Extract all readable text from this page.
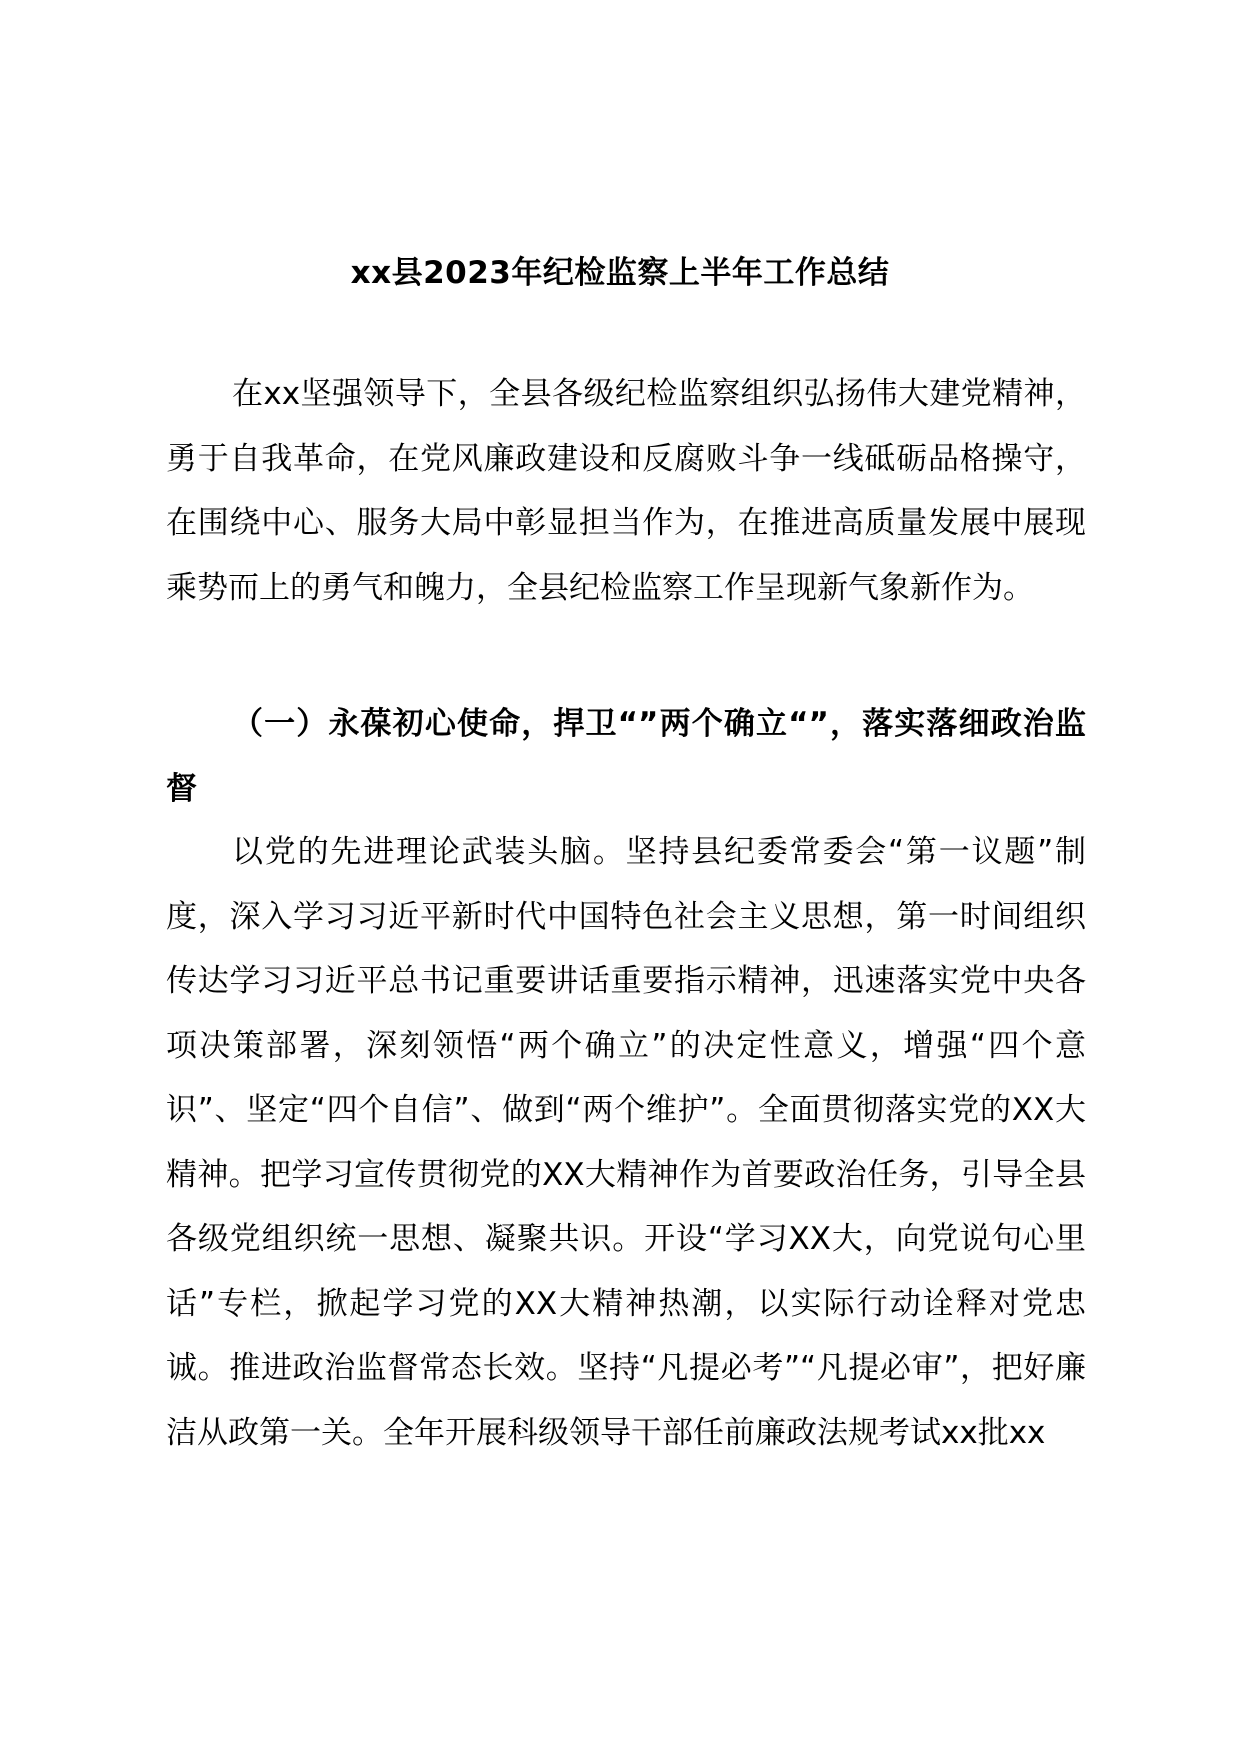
xx县2023年纪检监察上半年工作总结
在xx坚强领导下，全县各级纪检监察组织弘扬伟大建党精神，勇于自我革命，在党风廉政建设和反腐败斗争一线砥砺品格操守，在围绕中心、服务大局中彰显担当作为，在推进高质量发展中展现乘势而上的勇气和魄力，全县纪检监察工作呈现新气象新作为。
（一）永葆初心使命，捍卫“”两个确立“”，落实落细政治监督
以党的先进理论武装头脑。坚持县纪委常委会“第一议题”制度，深入学习习近平新时代中国特色社会主义思想，第一时间组织传达学习习近平总书记重要讲话重要指示精神，迅速落实党中央各项决策部署，深刻领悟“两个确立”的决定性意义，增强“四个意识”、坚定“四个自信”、做到“两个维护”。全面贯彻落实党的XX大精神。把学习宣传贯彻党的XX大精神作为首要政治任务，引导全县各级党组织统一思想、凝聚共识。开设“学习XX大，向党说句心里话”专栏，掀起学习党的XX大精神热潮，以实际行动诠释对党忠诚。推进政治监督常态长效。坚持“凡提必考”“凡提必审”，把好廉洁从政第一关。全年开展科级领导干部任前廉政法规考试xx批xx
